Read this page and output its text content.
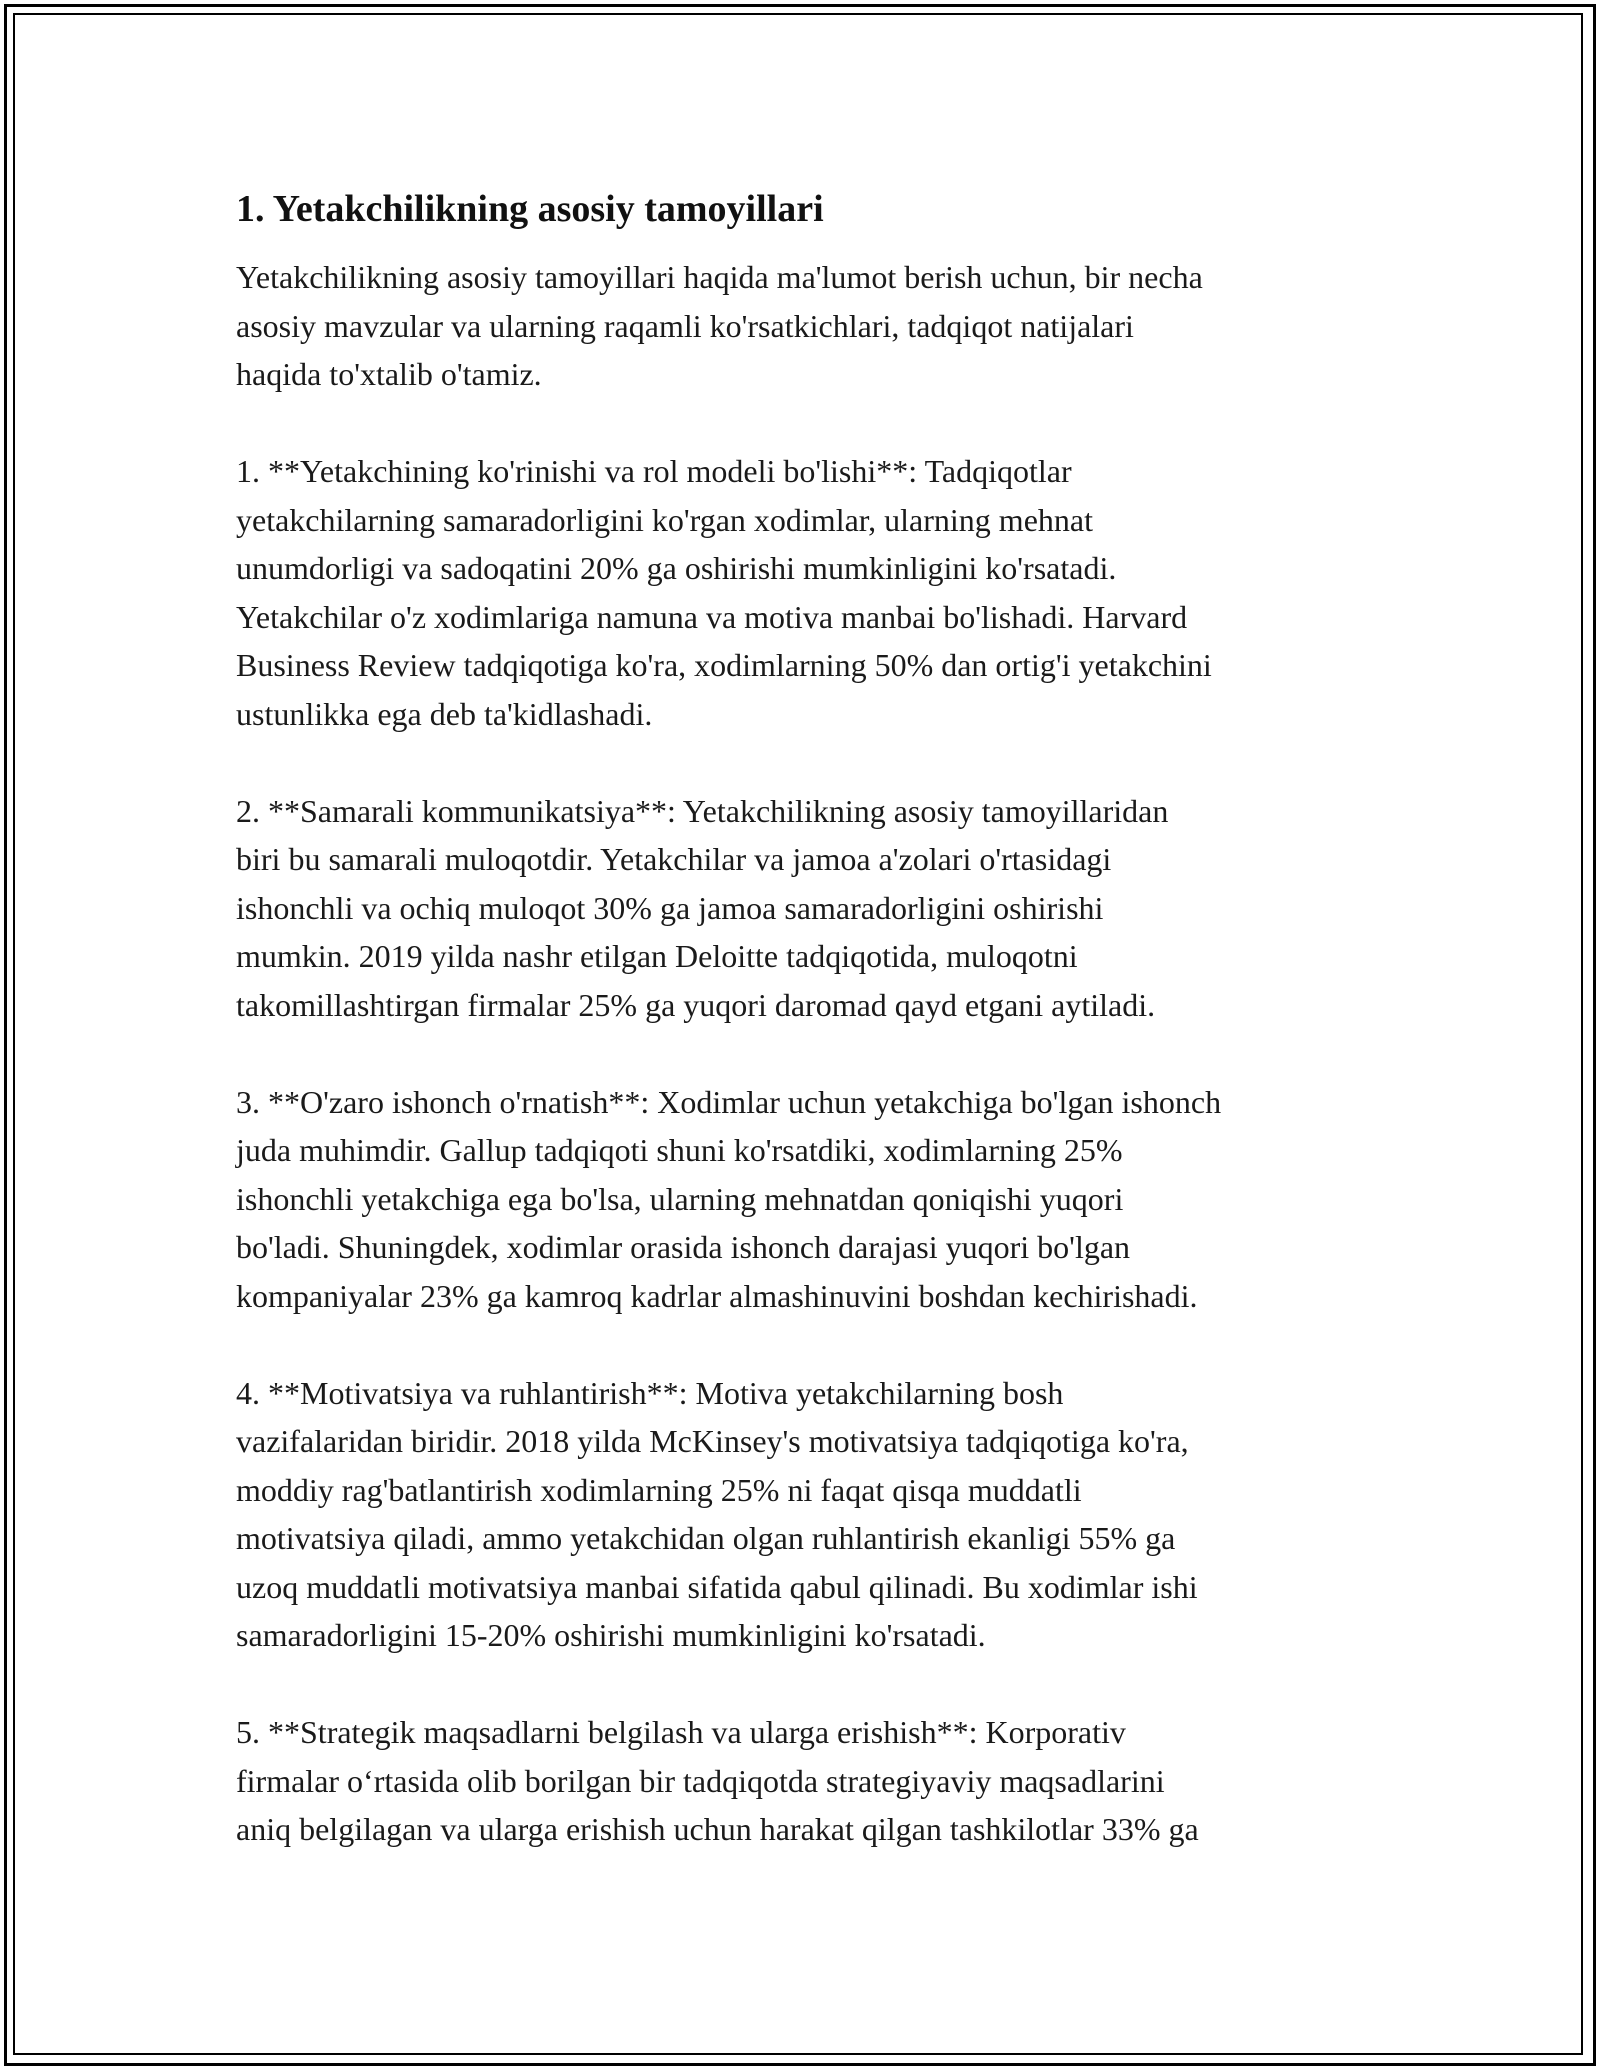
1. Yetakchilikning asosiy tamoyillari
Yetakchilikning asosiy tamoyillari haqida ma'lumot berish uchun, bir necha
asosiy mavzular va ularning raqamli ko'rsatkichlari, tadqiqot natijalari
haqida to'xtalib o'tamiz.
1. **Yetakchining ko'rinishi va rol modeli bo'lishi**: Tadqiqotlar
yetakchilarning samaradorligini ko'rgan xodimlar, ularning mehnat
unumdorligi va sadoqatini 20% ga oshirishi mumkinligini ko'rsatadi.
Yetakchilar o'z xodimlariga namuna va motiva manbai bo'lishadi. Harvard
Business Review tadqiqotiga ko'ra, xodimlarning 50% dan ortig'i yetakchini
ustunlikka ega deb ta'kidlashadi.
2. **Samarali kommunikatsiya**: Yetakchilikning asosiy tamoyillaridan
biri bu samarali muloqotdir. Yetakchilar va jamoa a'zolari o'rtasidagi
ishonchli va ochiq muloqot 30% ga jamoa samaradorligini oshirishi
mumkin. 2019 yilda nashr etilgan Deloitte tadqiqotida, muloqotni
takomillashtirgan firmalar 25% ga yuqori daromad qayd etgani aytiladi.
3. **O'zaro ishonch o'rnatish**: Xodimlar uchun yetakchiga bo'lgan ishonch
juda muhimdir. Gallup tadqiqoti shuni ko'rsatdiki, xodimlarning 25%
ishonchli yetakchiga ega bo'lsa, ularning mehnatdan qoniqishi yuqori
bo'ladi. Shuningdek, xodimlar orasida ishonch darajasi yuqori bo'lgan
kompaniyalar 23% ga kamroq kadrlar almashinuvini boshdan kechirishadi.
4. **Motivatsiya va ruhlantirish**: Motiva yetakchilarning bosh
vazifalaridan biridir. 2018 yilda McKinsey's motivatsiya tadqiqotiga ko'ra,
moddiy rag'batlantirish xodimlarning 25% ni faqat qisqa muddatli
motivatsiya qiladi, ammo yetakchidan olgan ruhlantirish ekanligi 55% ga
uzoq muddatli motivatsiya manbai sifatida qabul qilinadi. Bu xodimlar ishi
samaradorligini 15-20% oshirishi mumkinligini ko'rsatadi.
5. **Strategik maqsadlarni belgilash va ularga erishish**: Korporativ
firmalar o‘rtasida olib borilgan bir tadqiqotda strategiyaviy maqsadlarini
aniq belgilagan va ularga erishish uchun harakat qilgan tashkilotlar 33% ga
